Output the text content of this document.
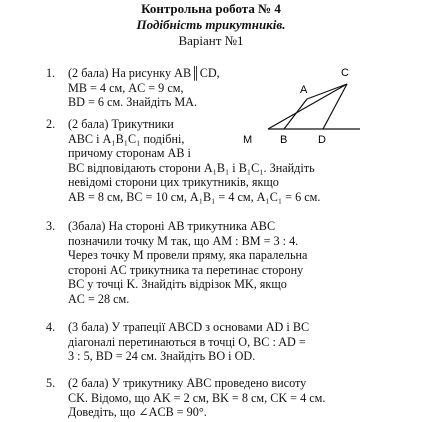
Контрольна робота № 4
Подібність трикутників.
Варіант №1
C
A
M	B	D
1. (2 бала) На рисунку AB║CD,
MB = 4 см, AC = 9 см,
BD = 6 см. Знайдіть MA.
2. (2 бала) Трикутники
ABC і A₁B₁C₁ подібні,
причому сторонам AB і
BC відповідають сторони A₁B₁ і B₁C₁. Знайдіть
невідомі сторони цих трикутників, якщо
AB = 8 см, BC = 10 см, A₁B₁ = 4 см, A₁C₁ = 6 см.
3. (3бала) На стороні AB трикутника ABC
позначили точку M так, що AM : BM = 3 : 4.
Через точку M провели пряму, яка паралельна
стороні AC трикутника та перетинає сторону
BC у точці K. Знайдіть відрізок MK, якщо
AC = 28 см.
4. (3 бала) У трапеції ABCD з основами AD і BC
діагоналі перетинаються в точці O, BC : AD =
3 : 5, BD = 24 см. Знайдіть BO і OD.
5. (2 бала) У трикутнику ABC проведено висоту
CK. Відомо, що AK = 2 см, BK = 8 см, CK = 4 см.
Доведіть, що ∠ACB = 90°.
